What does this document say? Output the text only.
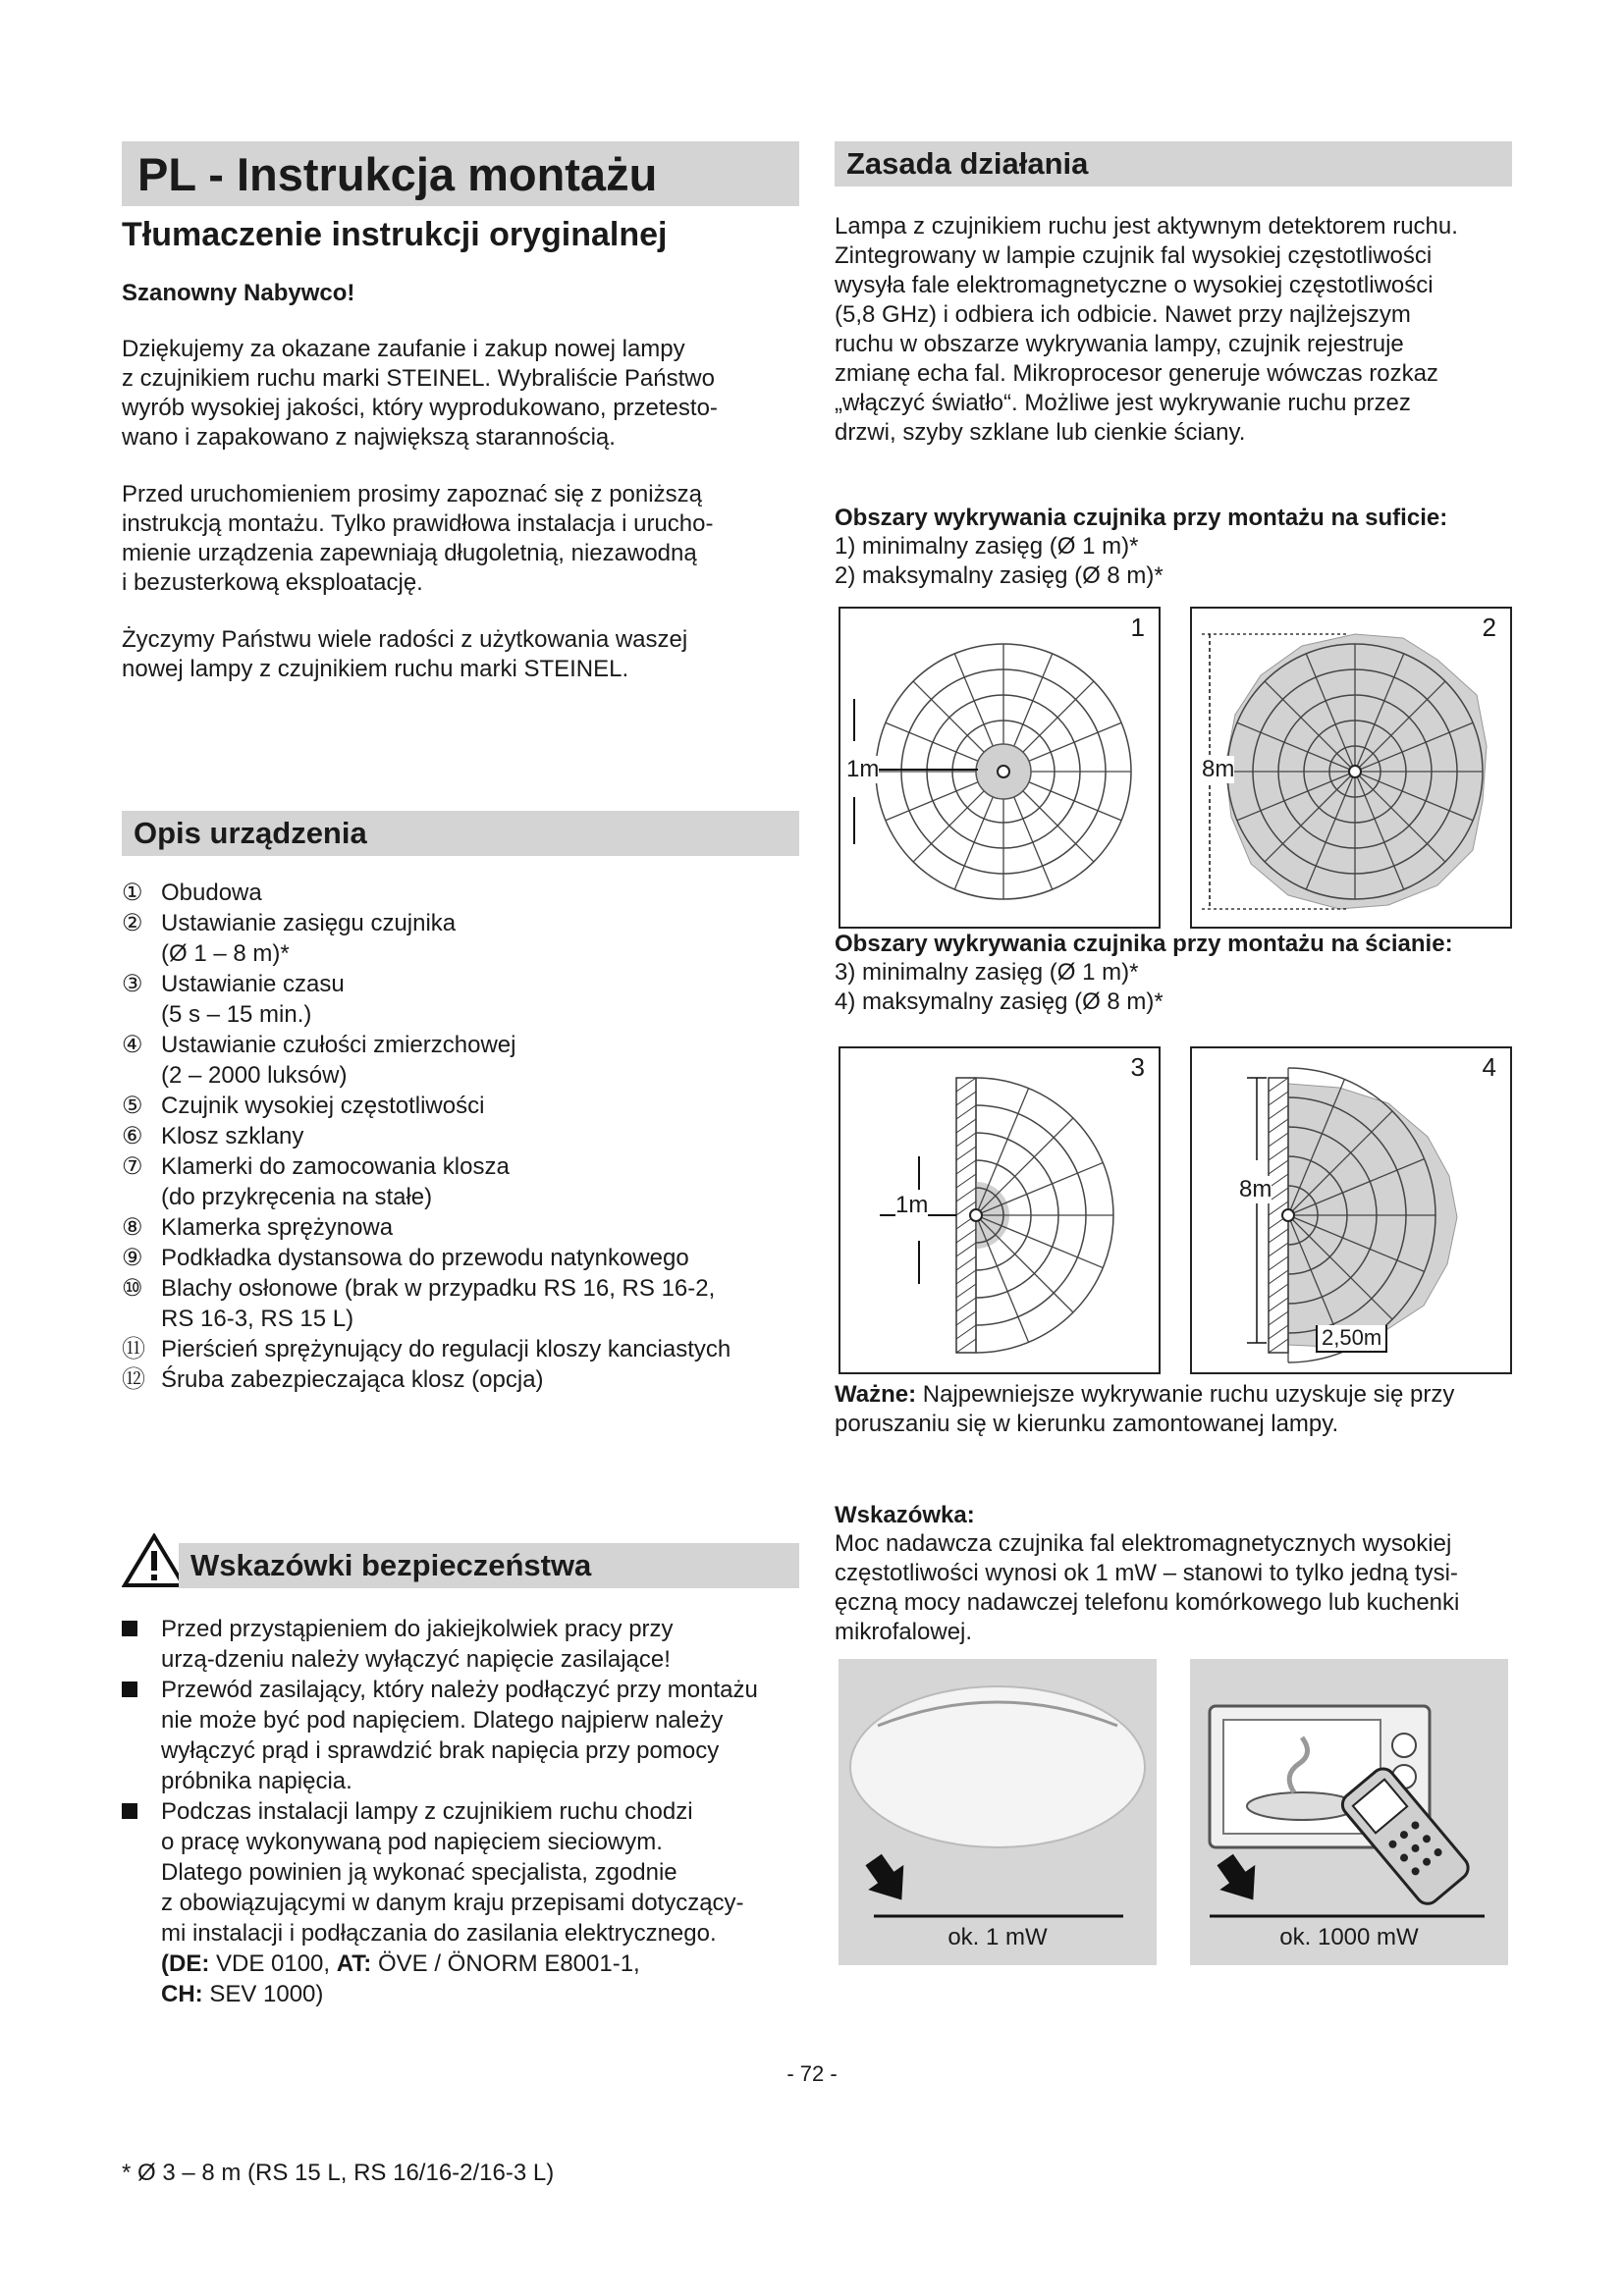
PL - Instrukcja montażu
Tłumaczenie instrukcji oryginalnej
Szanowny Nabywco!

Dziękujemy za okazane zaufanie i zakup nowej lampy

z czujnikiem ruchu marki STEINEL. Wybraliście Państwo

wyrób wysokiej jakości, który wyprodukowano, przetesto-

wano i zapakowano z największą starannością.

Przed uruchomieniem prosimy zapoznać się z poniższą

instrukcją montażu. Tylko prawidłowa instalacja i urucho-

mienie urządzenia zapewniają długoletnią, niezawodną

i bezusterkową eksploatację.

Życzymy Państwu wiele radości z użytkowania waszej

nowej lampy z czujnikiem ruchu marki STEINEL.

Opis urządzenia
① Obudowa
② Ustawianie zasięgu czujnika
(Ø 1 – 8 m)*
③ Ustawianie czasu
(5 s – 15 min.)
④ Ustawianie czułości zmierzchowej
(2 – 2000 luksów)
⑤ Czujnik wysokiej częstotliwości
⑥ Klosz szklany
⑦ Klamerki do zamocowania klosza
(do przykręcenia na stałe)
⑧ Klamerka sprężynowa
⑨ Podkładka dystansowa do przewodu natynkowego
⑩ Blachy osłonowe (brak w przypadku RS 16, RS 16-2,
RS 16-3, RS 15 L)
⑪ Pierścień sprężynujący do regulacji kloszy kanciastych
⑫ Śruba zabezpieczająca klosz (opcja)
Wskazówki bezpieczeństwa
Przed przystąpieniem do jakiejkolwiek pracy przy
urzą-dzeniu należy wyłączyć napięcie zasilające!
Przewód zasilający, który należy podłączyć przy montażu
nie może być pod napięciem. Dlatego najpierw należy
wyłączyć prąd i sprawdzić brak napięcia przy pomocy
próbnika napięcia.
Podczas instalacji lampy z czujnikiem ruchu chodzi
o pracę wykonywaną pod napięciem sieciowym.
Dlatego powinien ją wykonać specjalista, zgodnie
z obowiązującymi w danym kraju przepisami dotyczący-
mi instalacji i podłączania do zasilania elektrycznego.
(DE: VDE 0100, AT: ÖVE / ÖNORM E8001-1,
CH: SEV 1000)
* Ø 3 – 8 m (RS 15 L, RS 16/16-2/16-3 L)
- 72 -
Zasada działania

Lampa z czujnikiem ruchu jest aktywnym detektorem ruchu.

Zintegrowany w lampie czujnik fal wysokiej częstotliwości

wysyła fale elektromagnetyczne o wysokiej częstotliwości

(5,8 GHz) i odbiera ich odbicie. Nawet przy najlżejszym

ruchu w obszarze wykrywania lampy, czujnik rejestruje

zmianę echa fal. Mikroprocesor generuje wówczas rozkaz

„włączyć światło“. Możliwe jest wykrywanie ruchu przez

drzwi, szyby szklane lub cienkie ściany.

Obszary wykrywania czujnika przy montażu na suficie:

1) minimalny zasięg (Ø 1 m)*

2) maksymalny zasięg (Ø 8 m)*

Obszary wykrywania czujnika przy montażu na ścianie:

3) minimalny zasięg (Ø 1 m)*

4) maksymalny zasięg (Ø 8 m)*

Ważne: Najpewniejsze wykrywanie ruchu uzyskuje się przy

poruszaniu się w kierunku zamontowanej lampy.

Wskazówka:

Moc nadawcza czujnika fal elektromagnetycznych wysokiej

częstotliwości wynosi ok 1 mW – stanowi to tylko jedną tysi-

ęczną mocy nadawczej telefonu komórkowego lub kuchenki

mikrofalowej.

1
1m
2
8m
3
1m
4
8m
2,50m
ok. 1 mW	ok. 1000 mW
